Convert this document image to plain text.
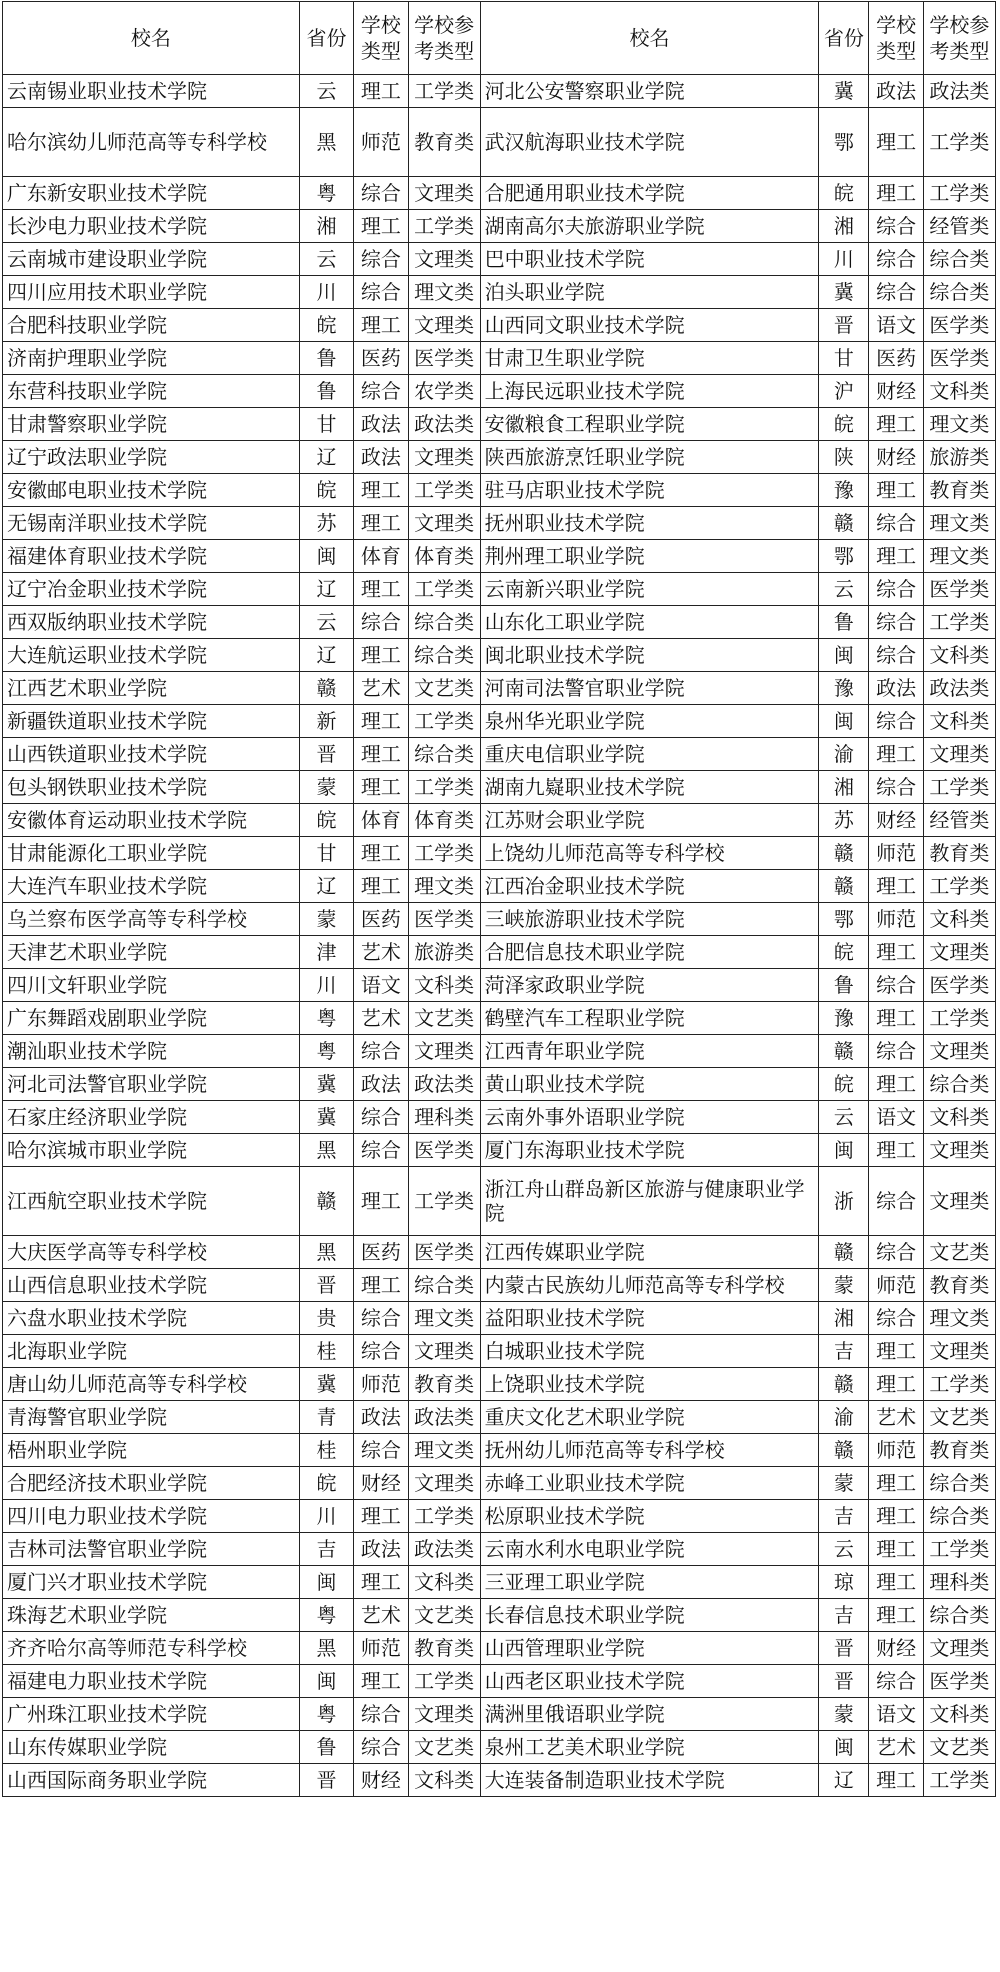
校名	省份	学校类型	学校参考类型	校名	省份	学校类型	学校参考类型

云南锡业职业技术学院	云	理工	工学类	河北公安警察职业学院	冀	政法	政法类
哈尔滨幼儿师范高等专科学校	黑	师范	教育类	武汉航海职业技术学院	鄂	理工	工学类
广东新安职业技术学院	粤	综合	文理类	合肥通用职业技术学院	皖	理工	工学类
长沙电力职业技术学院	湘	理工	工学类	湖南高尔夫旅游职业学院	湘	综合	经管类
云南城市建设职业学院	云	综合	文理类	巴中职业技术学院	川	综合	综合类
四川应用技术职业学院	川	综合	理文类	泊头职业学院	冀	综合	综合类
合肥科技职业学院	皖	理工	文理类	山西同文职业技术学院	晋	语文	医学类
济南护理职业学院	鲁	医药	医学类	甘肃卫生职业学院	甘	医药	医学类
东营科技职业学院	鲁	综合	农学类	上海民远职业技术学院	沪	财经	文科类
甘肃警察职业学院	甘	政法	政法类	安徽粮食工程职业学院	皖	理工	理文类
辽宁政法职业学院	辽	政法	文理类	陕西旅游烹饪职业学院	陕	财经	旅游类
安徽邮电职业技术学院	皖	理工	工学类	驻马店职业技术学院	豫	理工	教育类
无锡南洋职业技术学院	苏	理工	文理类	抚州职业技术学院	赣	综合	理文类
福建体育职业技术学院	闽	体育	体育类	荆州理工职业学院	鄂	理工	理文类
辽宁冶金职业技术学院	辽	理工	工学类	云南新兴职业学院	云	综合	医学类
西双版纳职业技术学院	云	综合	综合类	山东化工职业学院	鲁	综合	工学类
大连航运职业技术学院	辽	理工	综合类	闽北职业技术学院	闽	综合	文科类
江西艺术职业学院	赣	艺术	文艺类	河南司法警官职业学院	豫	政法	政法类
新疆铁道职业技术学院	新	理工	工学类	泉州华光职业学院	闽	综合	文科类
山西铁道职业技术学院	晋	理工	综合类	重庆电信职业学院	渝	理工	文理类
包头钢铁职业技术学院	蒙	理工	工学类	湖南九嶷职业技术学院	湘	综合	工学类
安徽体育运动职业技术学院	皖	体育	体育类	江苏财会职业学院	苏	财经	经管类
甘肃能源化工职业学院	甘	理工	工学类	上饶幼儿师范高等专科学校	赣	师范	教育类
大连汽车职业技术学院	辽	理工	理文类	江西冶金职业技术学院	赣	理工	工学类
乌兰察布医学高等专科学校	蒙	医药	医学类	三峡旅游职业技术学院	鄂	师范	文科类
天津艺术职业学院	津	艺术	旅游类	合肥信息技术职业学院	皖	理工	文理类
四川文轩职业学院	川	语文	文科类	菏泽家政职业学院	鲁	综合	医学类
广东舞蹈戏剧职业学院	粤	艺术	文艺类	鹤壁汽车工程职业学院	豫	理工	工学类
潮汕职业技术学院	粤	综合	文理类	江西青年职业学院	赣	综合	文理类
河北司法警官职业学院	冀	政法	政法类	黄山职业技术学院	皖	理工	综合类
石家庄经济职业学院	冀	综合	理科类	云南外事外语职业学院	云	语文	文科类
哈尔滨城市职业学院	黑	综合	医学类	厦门东海职业技术学院	闽	理工	文理类
江西航空职业技术学院	赣	理工	工学类	浙江舟山群岛新区旅游与健康职业学院	浙	综合	文理类
大庆医学高等专科学校	黑	医药	医学类	江西传媒职业学院	赣	综合	文艺类
山西信息职业技术学院	晋	理工	综合类	内蒙古民族幼儿师范高等专科学校	蒙	师范	教育类
六盘水职业技术学院	贵	综合	理文类	益阳职业技术学院	湘	综合	理文类
北海职业学院	桂	综合	文理类	白城职业技术学院	吉	理工	文理类
唐山幼儿师范高等专科学校	冀	师范	教育类	上饶职业技术学院	赣	理工	工学类
青海警官职业学院	青	政法	政法类	重庆文化艺术职业学院	渝	艺术	文艺类
梧州职业学院	桂	综合	理文类	抚州幼儿师范高等专科学校	赣	师范	教育类
合肥经济技术职业学院	皖	财经	文理类	赤峰工业职业技术学院	蒙	理工	综合类
四川电力职业技术学院	川	理工	工学类	松原职业技术学院	吉	理工	综合类
吉林司法警官职业学院	吉	政法	政法类	云南水利水电职业学院	云	理工	工学类
厦门兴才职业技术学院	闽	理工	文科类	三亚理工职业学院	琼	理工	理科类
珠海艺术职业学院	粤	艺术	文艺类	长春信息技术职业学院	吉	理工	综合类
齐齐哈尔高等师范专科学校	黑	师范	教育类	山西管理职业学院	晋	财经	文理类
福建电力职业技术学院	闽	理工	工学类	山西老区职业技术学院	晋	综合	医学类
广州珠江职业技术学院	粤	综合	文理类	满洲里俄语职业学院	蒙	语文	文科类
山东传媒职业学院	鲁	综合	文艺类	泉州工艺美术职业学院	闽	艺术	文艺类
山西国际商务职业学院	晋	财经	文科类	大连装备制造职业技术学院	辽	理工	工学类
